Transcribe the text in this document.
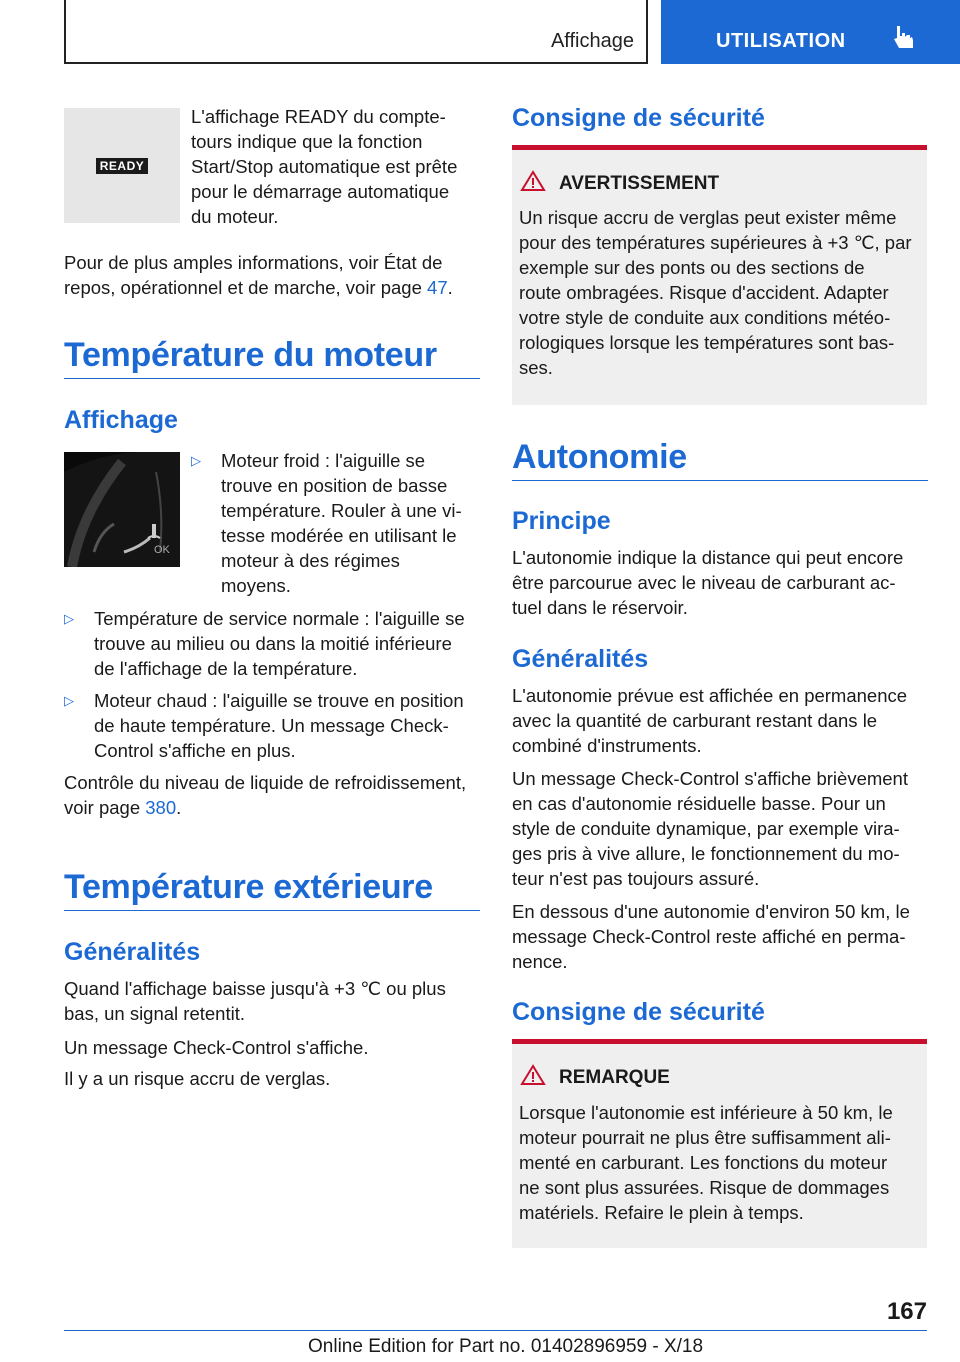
Affichage	UTILISATION
READY
L'affichage READY du compte-
tours indique que la fonction
Start/Stop automatique est prête
pour le démarrage automatique
du moteur.
Pour de plus amples informations, voir État de
repos, opérationnel et de marche, voir page 47.
Température du moteur
Affichage
OK
▷ Moteur froid : l'aiguille se
trouve en position de basse
température. Rouler à une vi-
tesse modérée en utilisant le
moteur à des régimes
moyens.
▷ Température de service normale : l'aiguille se
trouve au milieu ou dans la moitié inférieure
de l'affichage de la température.
▷ Moteur chaud : l'aiguille se trouve en position
de haute température. Un message Check-
Control s'affiche en plus.
Contrôle du niveau de liquide de refroidissement,
voir page 380.
Température extérieure
Généralités
Quand l'affichage baisse jusqu'à +3 ℃ ou plus
bas, un signal retentit.
Un message Check-Control s'affiche.
Il y a un risque accru de verglas.
Consigne de sécurité
AVERTISSEMENT
Un risque accru de verglas peut exister même
pour des températures supérieures à +3 ℃, par
exemple sur des ponts ou des sections de
route ombragées. Risque d'accident. Adapter
votre style de conduite aux conditions météo-
rologiques lorsque les températures sont bas-
ses.
Autonomie
Principe
L'autonomie indique la distance qui peut encore
être parcourue avec le niveau de carburant ac-
tuel dans le réservoir.
Généralités
L'autonomie prévue est affichée en permanence
avec la quantité de carburant restant dans le
combiné d'instruments.
Un message Check-Control s'affiche brièvement
en cas d'autonomie résiduelle basse. Pour un
style de conduite dynamique, par exemple vira-
ges pris à vive allure, le fonctionnement du mo-
teur n'est pas toujours assuré.
En dessous d'une autonomie d'environ 50 km, le
message Check-Control reste affiché en perma-
nence.
Consigne de sécurité
REMARQUE
Lorsque l'autonomie est inférieure à 50 km, le
moteur pourrait ne plus être suffisamment ali-
menté en carburant. Les fonctions du moteur
ne sont plus assurées. Risque de dommages
matériels. Refaire le plein à temps.
167
Online Edition for Part no. 01402896959 - X/18
